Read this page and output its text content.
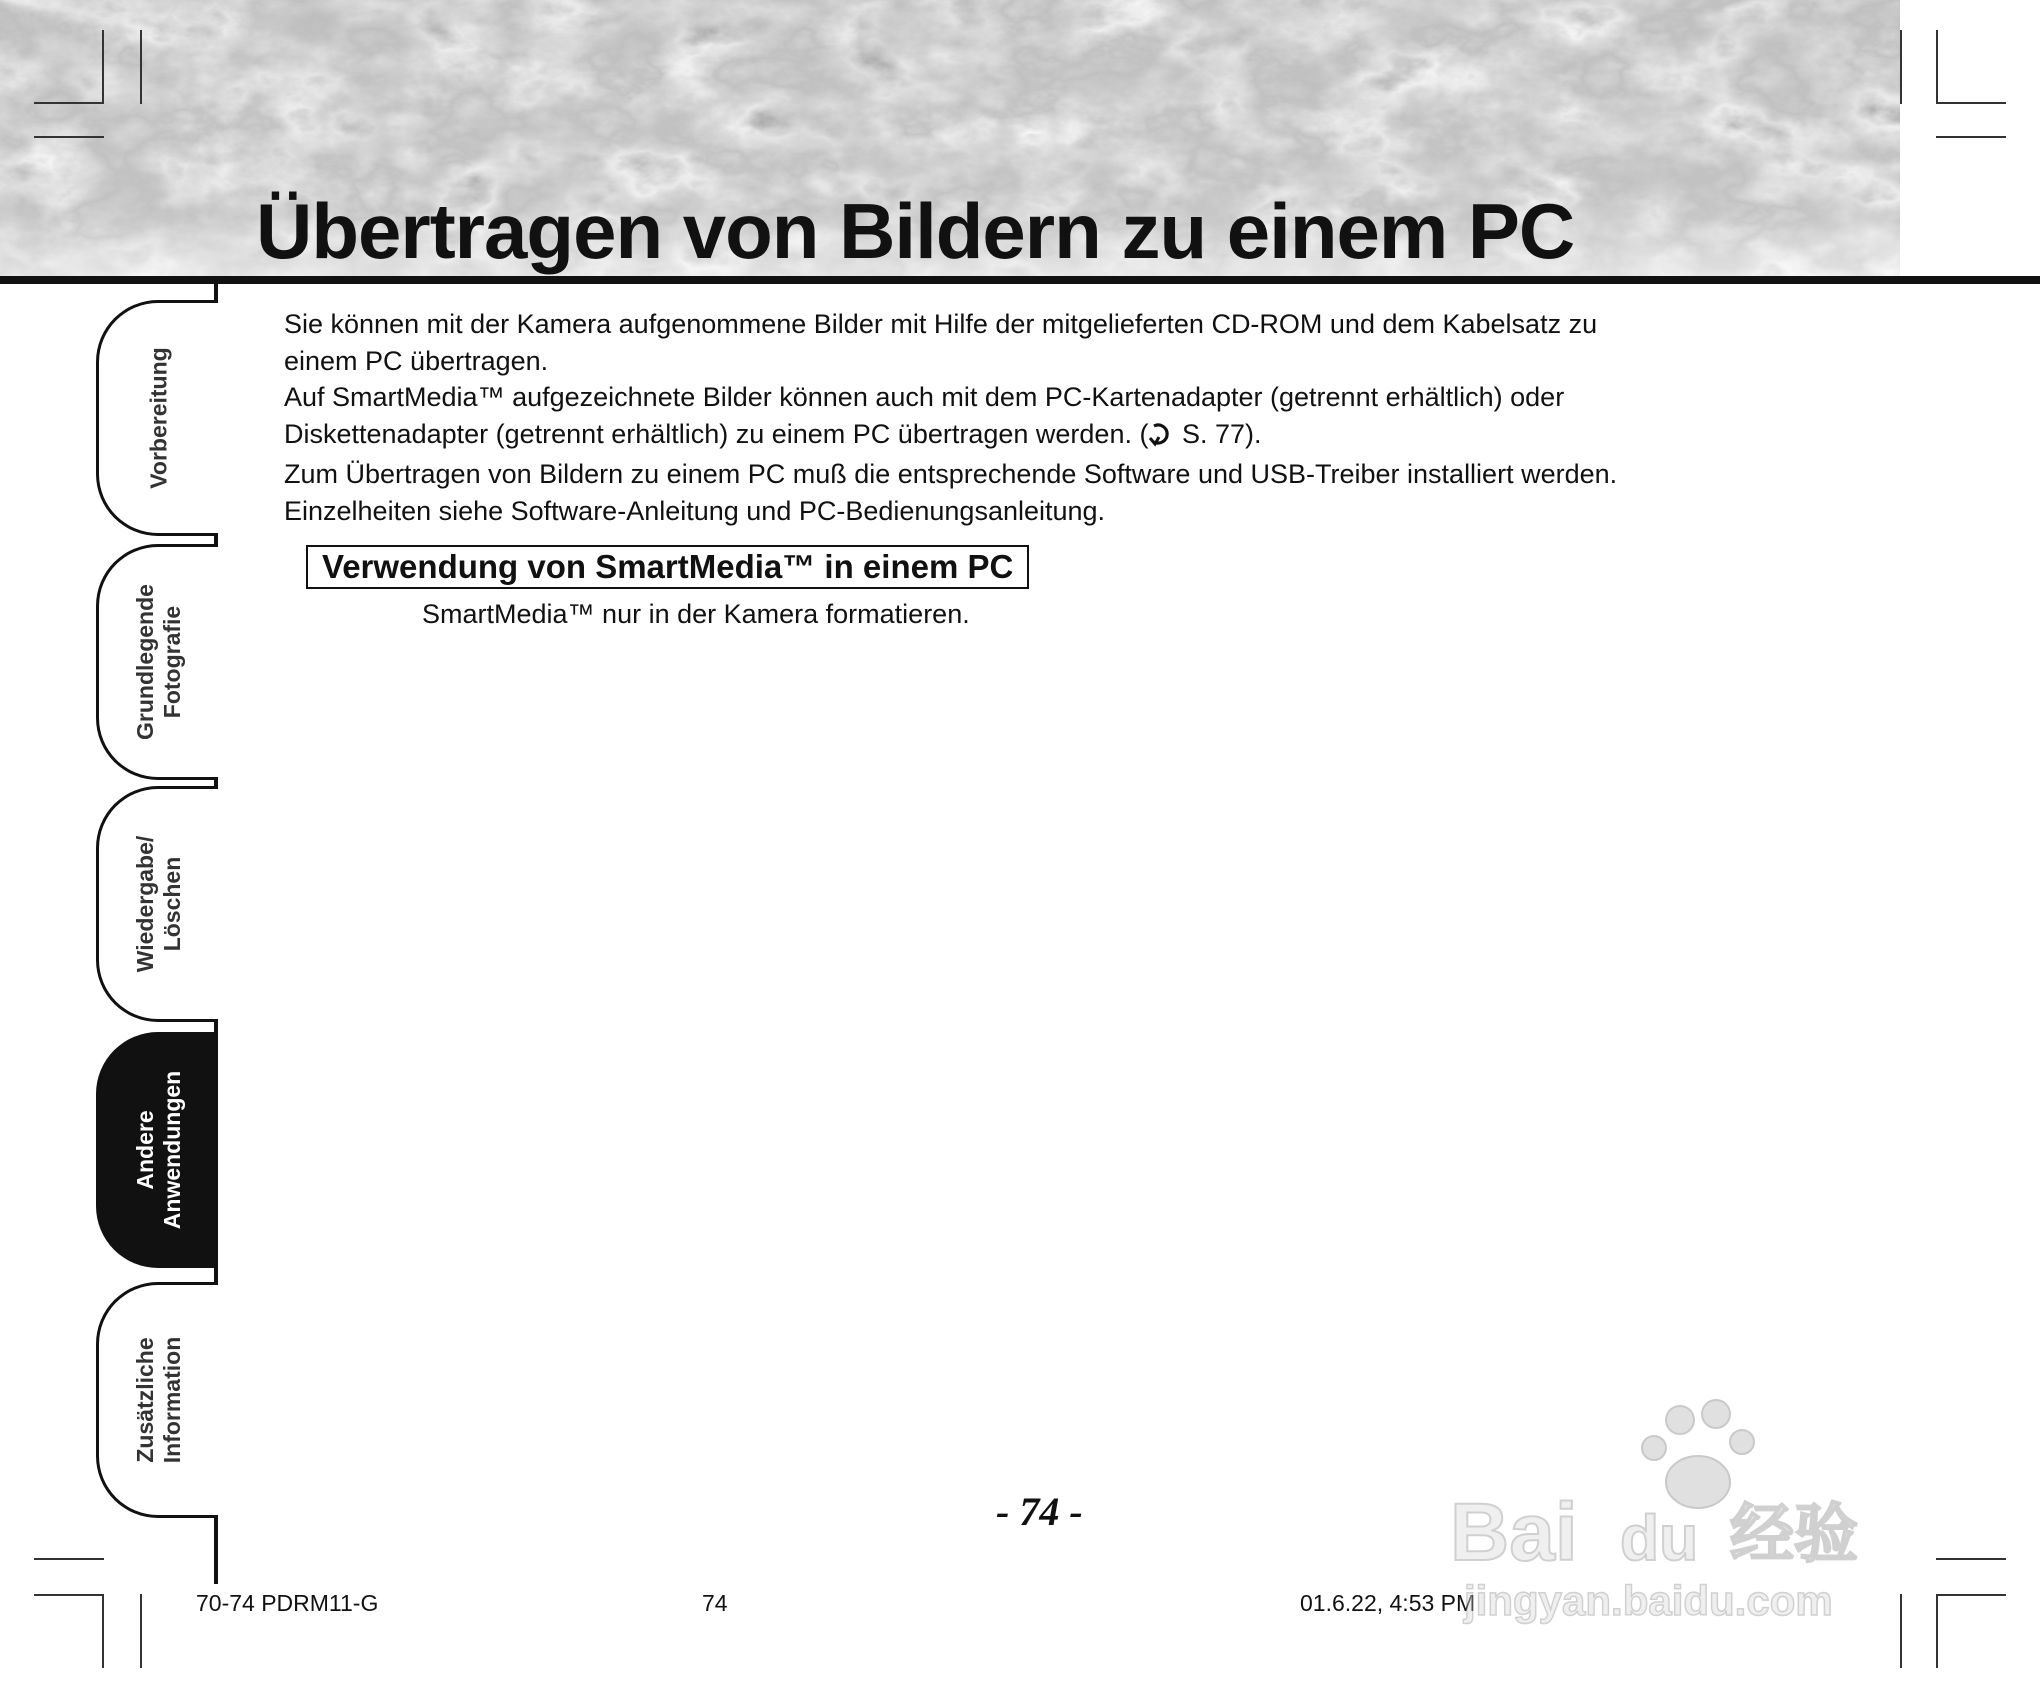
Übertragen von Bildern zu einem PC
Vorbereitung
Grundlegende Fotografie
Wiedergabe/ Löschen
Andere Anwendungen
Zusätzliche Information

Sie können mit der Kamera aufgenommene Bilder mit Hilfe der mitgelieferten CD-ROM und dem Kabelsatz zu
einem PC übertragen.
Auf SmartMedia™ aufgezeichnete Bilder können auch mit dem PC-Kartenadapter (getrennt erhältlich) oder
Diskettenadapter (getrennt erhältlich) zu einem PC übertragen werden. ( S. 77).
Zum Übertragen von Bildern zu einem PC muß die entsprechende Software und USB-Treiber installiert werden.
Einzelheiten siehe Software-Anleitung und PC-Bedienungsanleitung.

Verwendung von SmartMedia™ in einem PC

SmartMedia™ nur in der Kamera formatieren.

- 74 -

70-74 PDRM11-G	74	01.6.22, 4:53 PM

Bai du 经验
jingyan.baidu.com
